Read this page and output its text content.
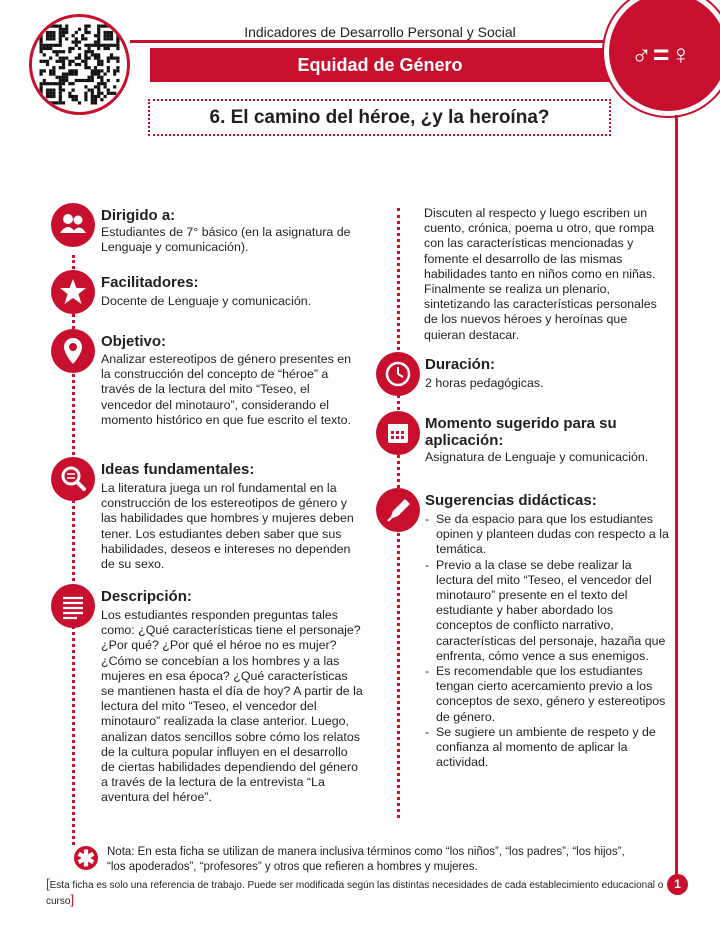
Indicadores de Desarrollo Personal y Social
Equidad de Género	♂=♀
6. El camino del héroe, ¿y la heroína?
Dirigido a:
Estudiantes de 7° básico (en la asignatura de Lenguaje y comunicación).
Facilitadores:
Docente de Lenguaje y comunicación.
Objetivo:
Analizar estereotipos de género presentes en la construcción del concepto de “héroe” a través de la lectura del mito “Teseo, el vencedor del minotauro”, considerando el momento histórico en que fue escrito el texto.
Ideas fundamentales:
La literatura juega un rol fundamental en la construcción de los estereotipos de género y las habilidades que hombres y mujeres deben tener. Los estudiantes deben saber que sus habilidades, deseos e intereses no dependen de su sexo.
Descripción:
Los estudiantes responden preguntas tales como: ¿Qué características tiene el personaje? ¿Por qué? ¿Por qué el héroe no es mujer? ¿Cómo se concebían a los hombres y a las mujeres en esa época? ¿Qué características se mantienen hasta el día de hoy? A partir de la lectura del mito “Teseo, el vencedor del minotauro” realizada la clase anterior. Luego, analizan datos sencillos sobre cómo los relatos de la cultura popular influyen en el desarrollo de ciertas habilidades dependiendo del género a través de la lectura de la entrevista “La aventura del héroe”.
Discuten al respecto y luego escriben un cuento, crónica, poema u otro, que rompa con las características mencionadas y fomente el desarrollo de las mismas habilidades tanto en niños como en niñas. Finalmente se realiza un plenario, sintetizando las características personales de los nuevos héroes y heroínas que quieran destacar.
Duración:
2 horas pedagógicas.
Momento sugerido para su aplicación:
Asignatura de Lenguaje y comunicación.
Sugerencias didácticas:
- Se da espacio para que los estudiantes opinen y planteen dudas con respecto a la temática.
- Previo a la clase se debe realizar la lectura del mito “Teseo, el vencedor del minotauro” presente en el texto del estudiante y haber abordado los conceptos de conflicto narrativo, características del personaje, hazaña que enfrenta, cómo vence a sus enemigos.
- Es recomendable que los estudiantes tengan cierto acercamiento previo a los conceptos de sexo, género y estereotipos de género.
- Se sugiere un ambiente de respeto y de confianza al momento de aplicar la actividad.
✱ Nota: En esta ficha se utilizan de manera inclusiva términos como “los niños”, “los padres”, “los hijos”, “los apoderados”, “profesores” y otros que refieren a hombres y mujeres.
[Esta ficha es solo una referencia de trabajo. Puede ser modificada según las distintas necesidades de cada establecimiento educacional o curso]
1
